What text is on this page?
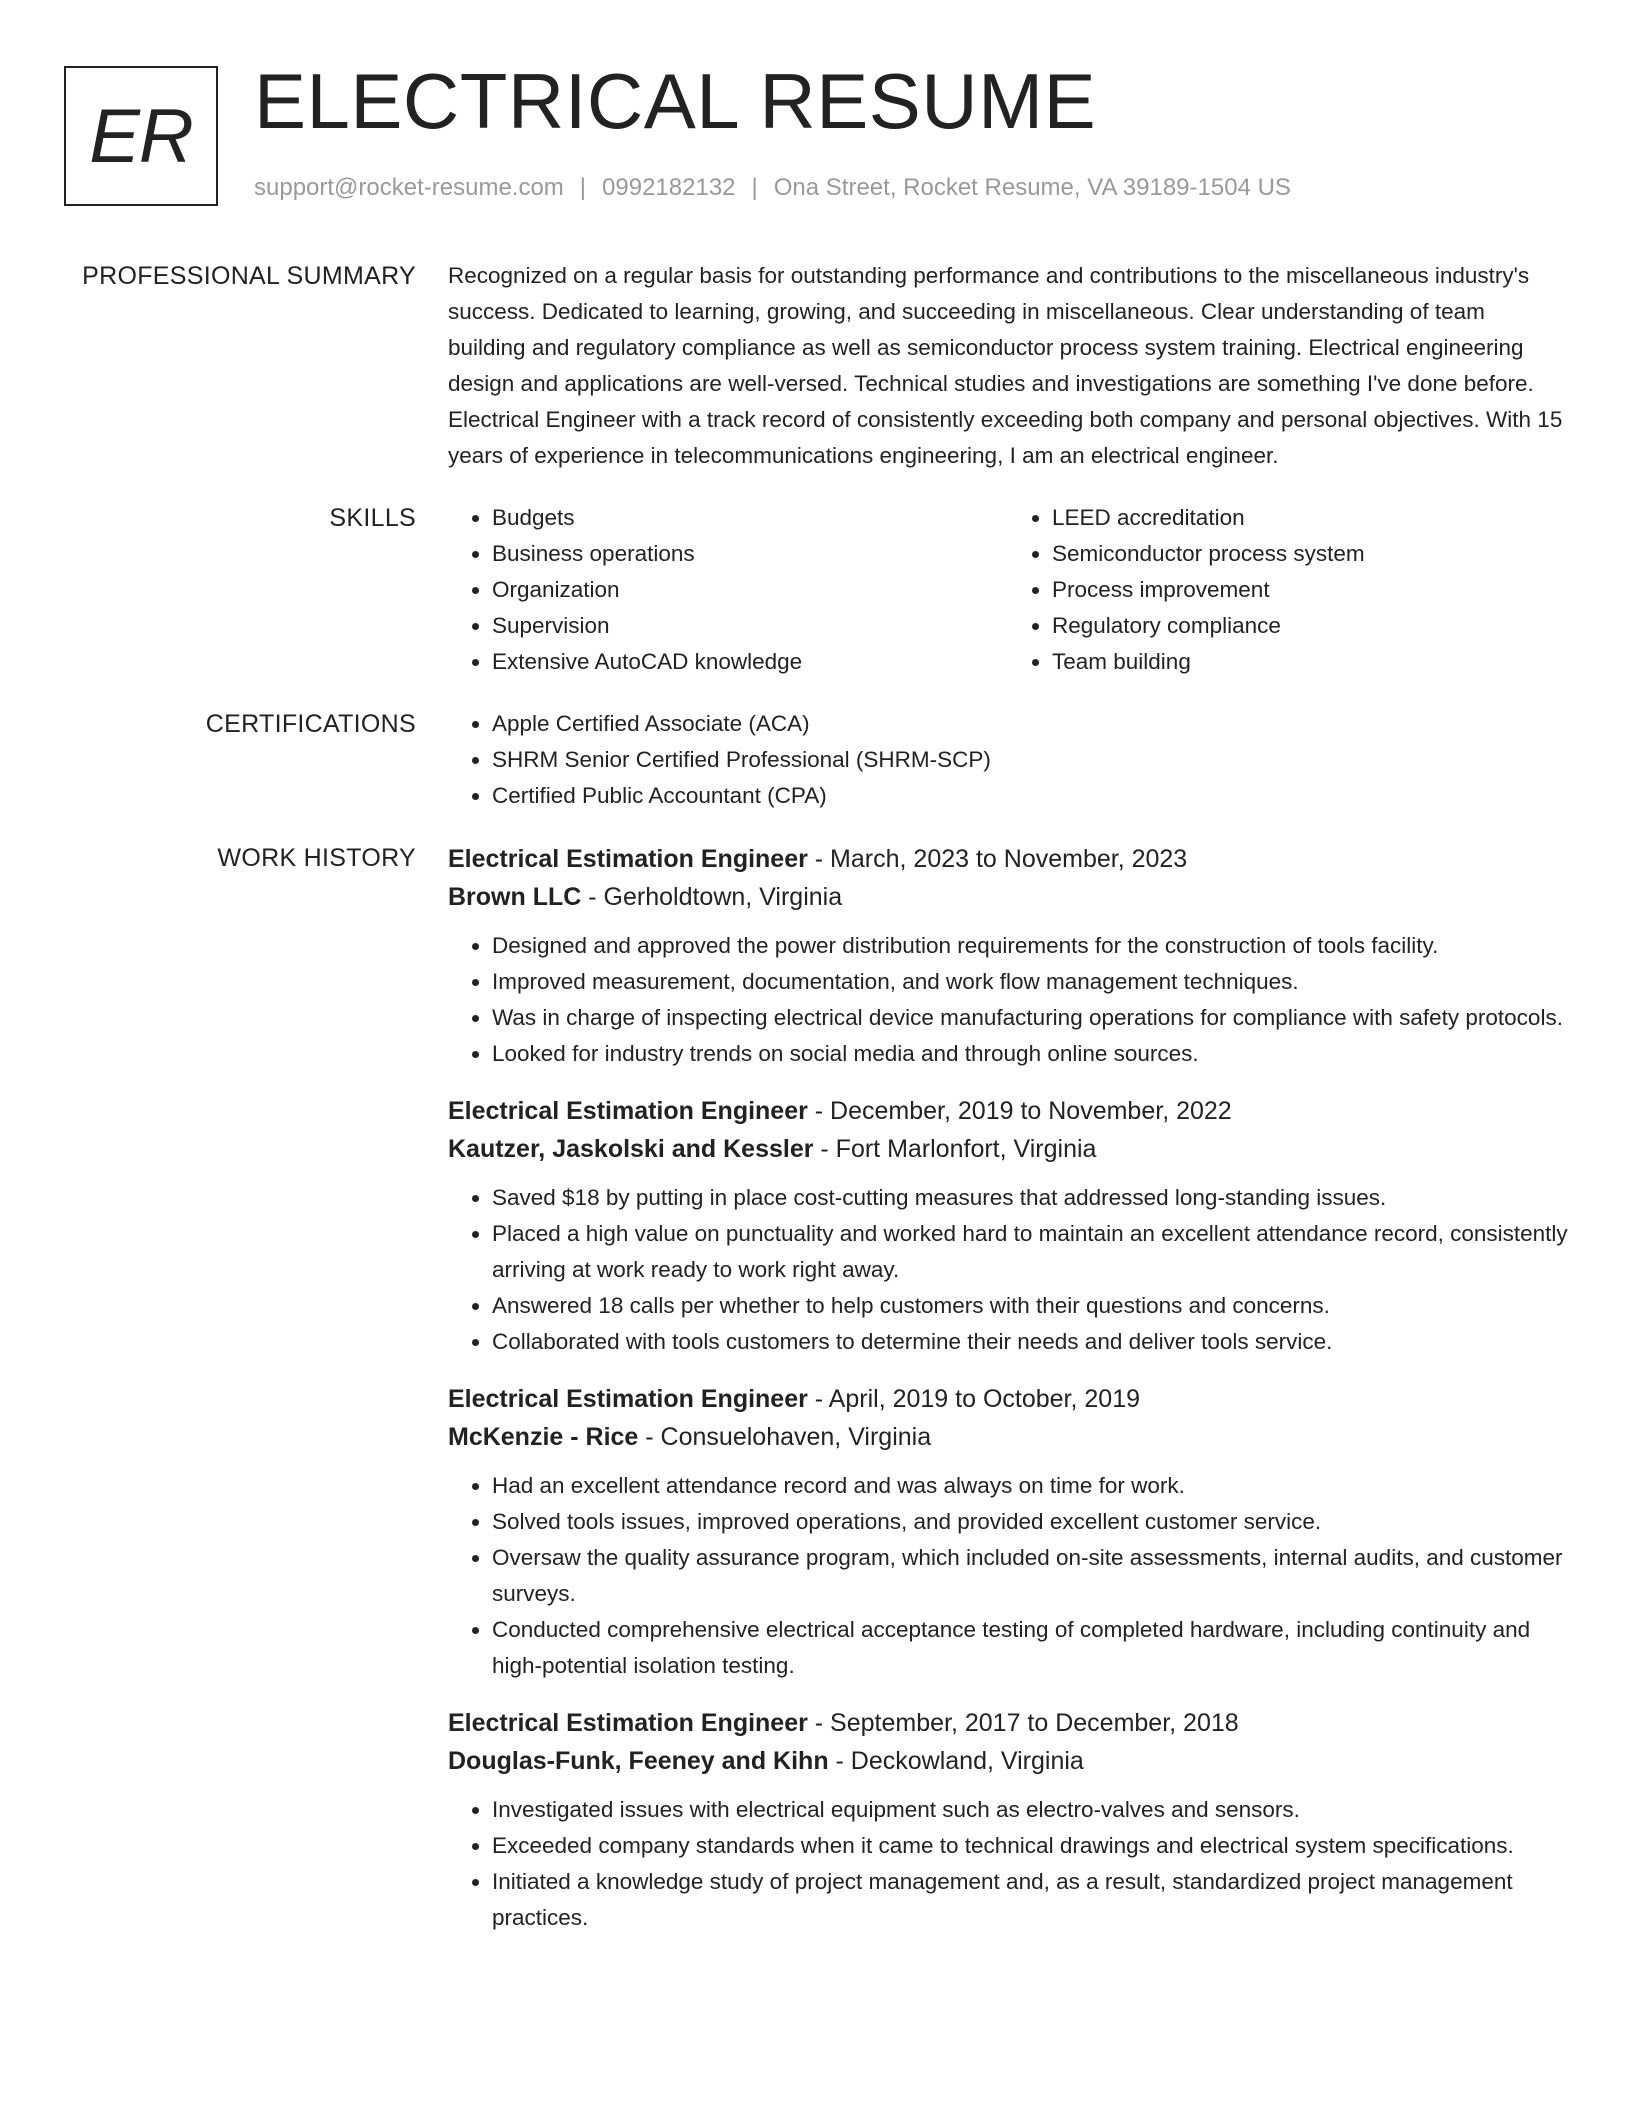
ER ELECTRICAL RESUME
support@rocket-resume.com | 0992182132 | Ona Street, Rocket Resume, VA 39189-1504 US
PROFESSIONAL SUMMARY Recognized on a regular basis for outstanding performance and contributions to the miscellaneous industry's success. Dedicated to learning, growing, and succeeding in miscellaneous. Clear understanding of team building and regulatory compliance as well as semiconductor process system training. Electrical engineering design and applications are well-versed. Technical studies and investigations are something I've done before. Electrical Engineer with a track record of consistently exceeding both company and personal objectives. With 15 years of experience in telecommunications engineering, I am an electrical engineer.

SKILLS	• Budgets
• Business operations
• Organization
• Supervision
• Extensive AutoCAD knowledge
• LEED accreditation
• Semiconductor process system
• Process improvement
• Regulatory compliance
• Team building
CERTIFICATIONS	• Apple Certified Associate (ACA)
• SHRM Senior Certified Professional (SHRM-SCP)
• Certified Public Accountant (CPA)
WORK HISTORY Electrical Estimation Engineer - March, 2023 to November, 2023
Brown LLC - Gerholdtown, Virginia
• Designed and approved the power distribution requirements for the construction of tools facility.
• Improved measurement, documentation, and work flow management techniques.
• Was in charge of inspecting electrical device manufacturing operations for compliance with safety protocols.
• Looked for industry trends on social media and through online sources.
Electrical Estimation Engineer - December, 2019 to November, 2022
Kautzer, Jaskolski and Kessler - Fort Marlonfort, Virginia
• Saved $18 by putting in place cost-cutting measures that addressed long-standing issues.
• Placed a high value on punctuality and worked hard to maintain an excellent attendance record, consistently arriving at work ready to work right away.
• Answered 18 calls per whether to help customers with their questions and concerns.
• Collaborated with tools customers to determine their needs and deliver tools service.
Electrical Estimation Engineer - April, 2019 to October, 2019
McKenzie - Rice - Consuelohaven, Virginia
• Had an excellent attendance record and was always on time for work.
• Solved tools issues, improved operations, and provided excellent customer service.
• Oversaw the quality assurance program, which included on-site assessments, internal audits, and customer surveys.
• Conducted comprehensive electrical acceptance testing of completed hardware, including continuity and high-potential isolation testing.
Electrical Estimation Engineer - September, 2017 to December, 2018
Douglas-Funk, Feeney and Kihn - Deckowland, Virginia
• Investigated issues with electrical equipment such as electro-valves and sensors.
• Exceeded company standards when it came to technical drawings and electrical system specifications.
• Initiated a knowledge study of project management and, as a result, standardized project management practices.
